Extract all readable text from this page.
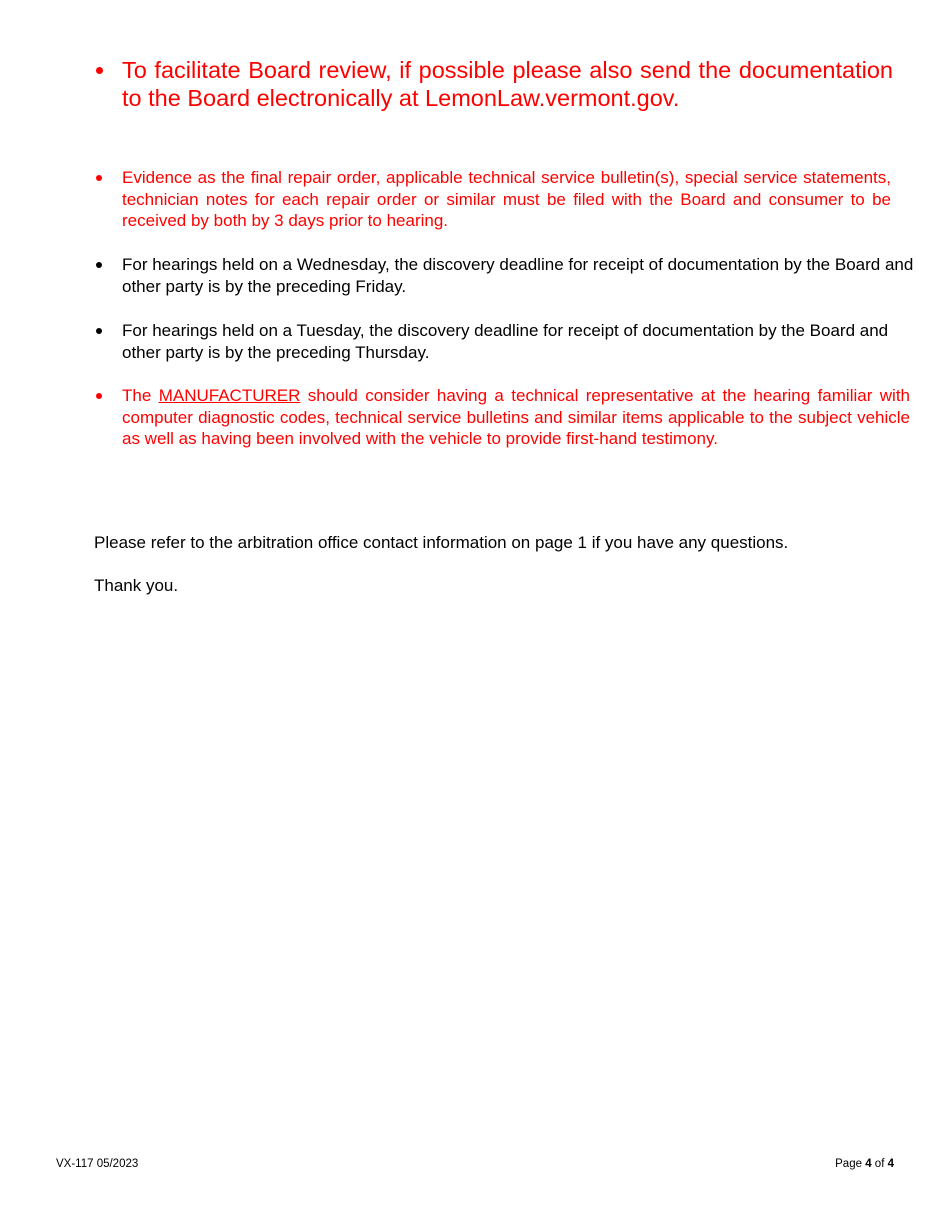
To facilitate Board review, if possible please also send the documentation to the Board electronically at LemonLaw.vermont.gov.
Evidence as the final repair order, applicable technical service bulletin(s), special service statements, technician notes for each repair order or similar must be filed with the Board and consumer to be received by both by 3 days prior to hearing.
For hearings held on a Wednesday, the discovery deadline for receipt of documentation by the Board and other party is by the preceding Friday.
For hearings held on a Tuesday, the discovery deadline for receipt of documentation by the Board and other party is by the preceding Thursday.
The MANUFACTURER should consider having a technical representative at the hearing familiar with computer diagnostic codes, technical service bulletins and similar items applicable to the subject vehicle as well as having been involved with the vehicle to provide first-hand testimony.
Please refer to the arbitration office contact information on page 1 if you have any questions.
Thank you.
VX-117 05/2023	Page 4 of 4
